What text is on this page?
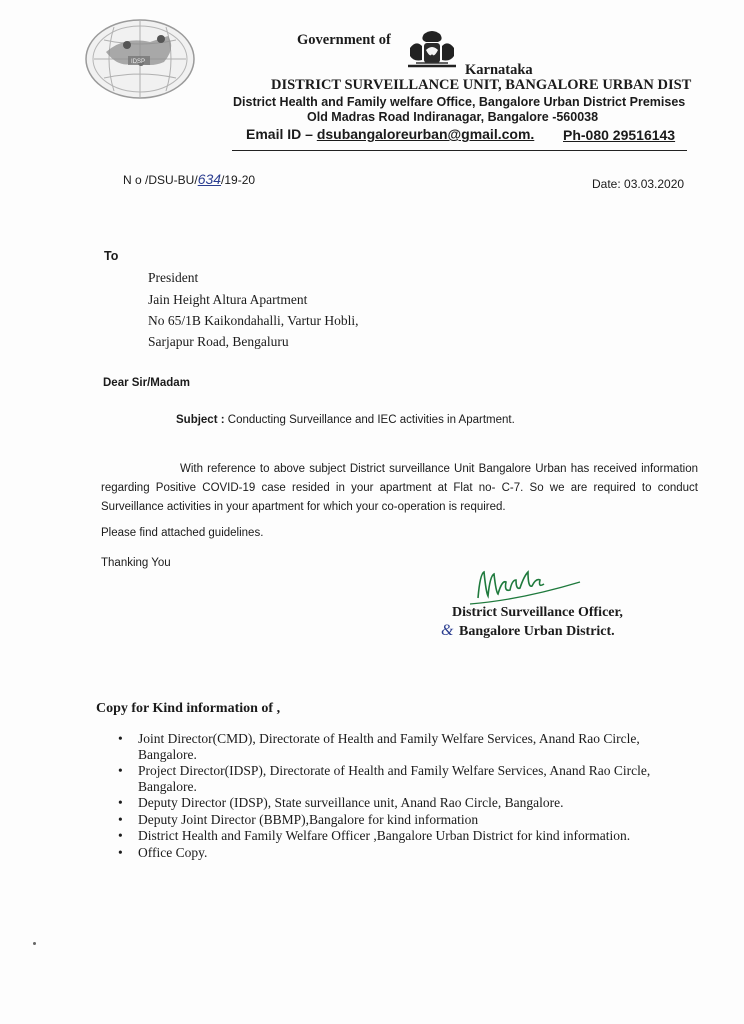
IDSP
Government of
Karnataka
DISTRICT SURVEILLANCE UNIT, BANGALORE URBAN DIST
District Health and Family welfare Office, Bangalore Urban District Premises
Old Madras Road Indiranagar, Bangalore -560038
Email ID – dsubangaloreurban@gmail.com. Ph-080 29516143
N o /DSU-BU/634/19-20	Date: 03.03.2020
To
President
Jain Height Altura Apartment
No 65/1B Kaikondahalli, Vartur Hobli,
Sarjapur Road, Bengaluru
Dear Sir/Madam
Subject : Conducting Surveillance and IEC activities in Apartment.
With reference to above subject District surveillance Unit Bangalore Urban has received information regarding Positive COVID-19 case resided in your apartment at Flat no- C-7. So we are required to conduct Surveillance activities in your apartment for which your co-operation is required.
Please find attached guidelines.
Thanking You
District Surveillance Officer,
& Bangalore Urban District.
Copy for Kind information of ,
• Joint Director(CMD), Directorate of Health and Family Welfare Services, Anand Rao Circle, Bangalore.
• Project Director(IDSP), Directorate of Health and Family Welfare Services, Anand Rao Circle, Bangalore.
• Deputy Director (IDSP), State surveillance unit, Anand Rao Circle, Bangalore.
• Deputy Joint Director (BBMP),Bangalore for kind information
• District Health and Family Welfare Officer ,Bangalore Urban District for kind information.
• Office Copy.
